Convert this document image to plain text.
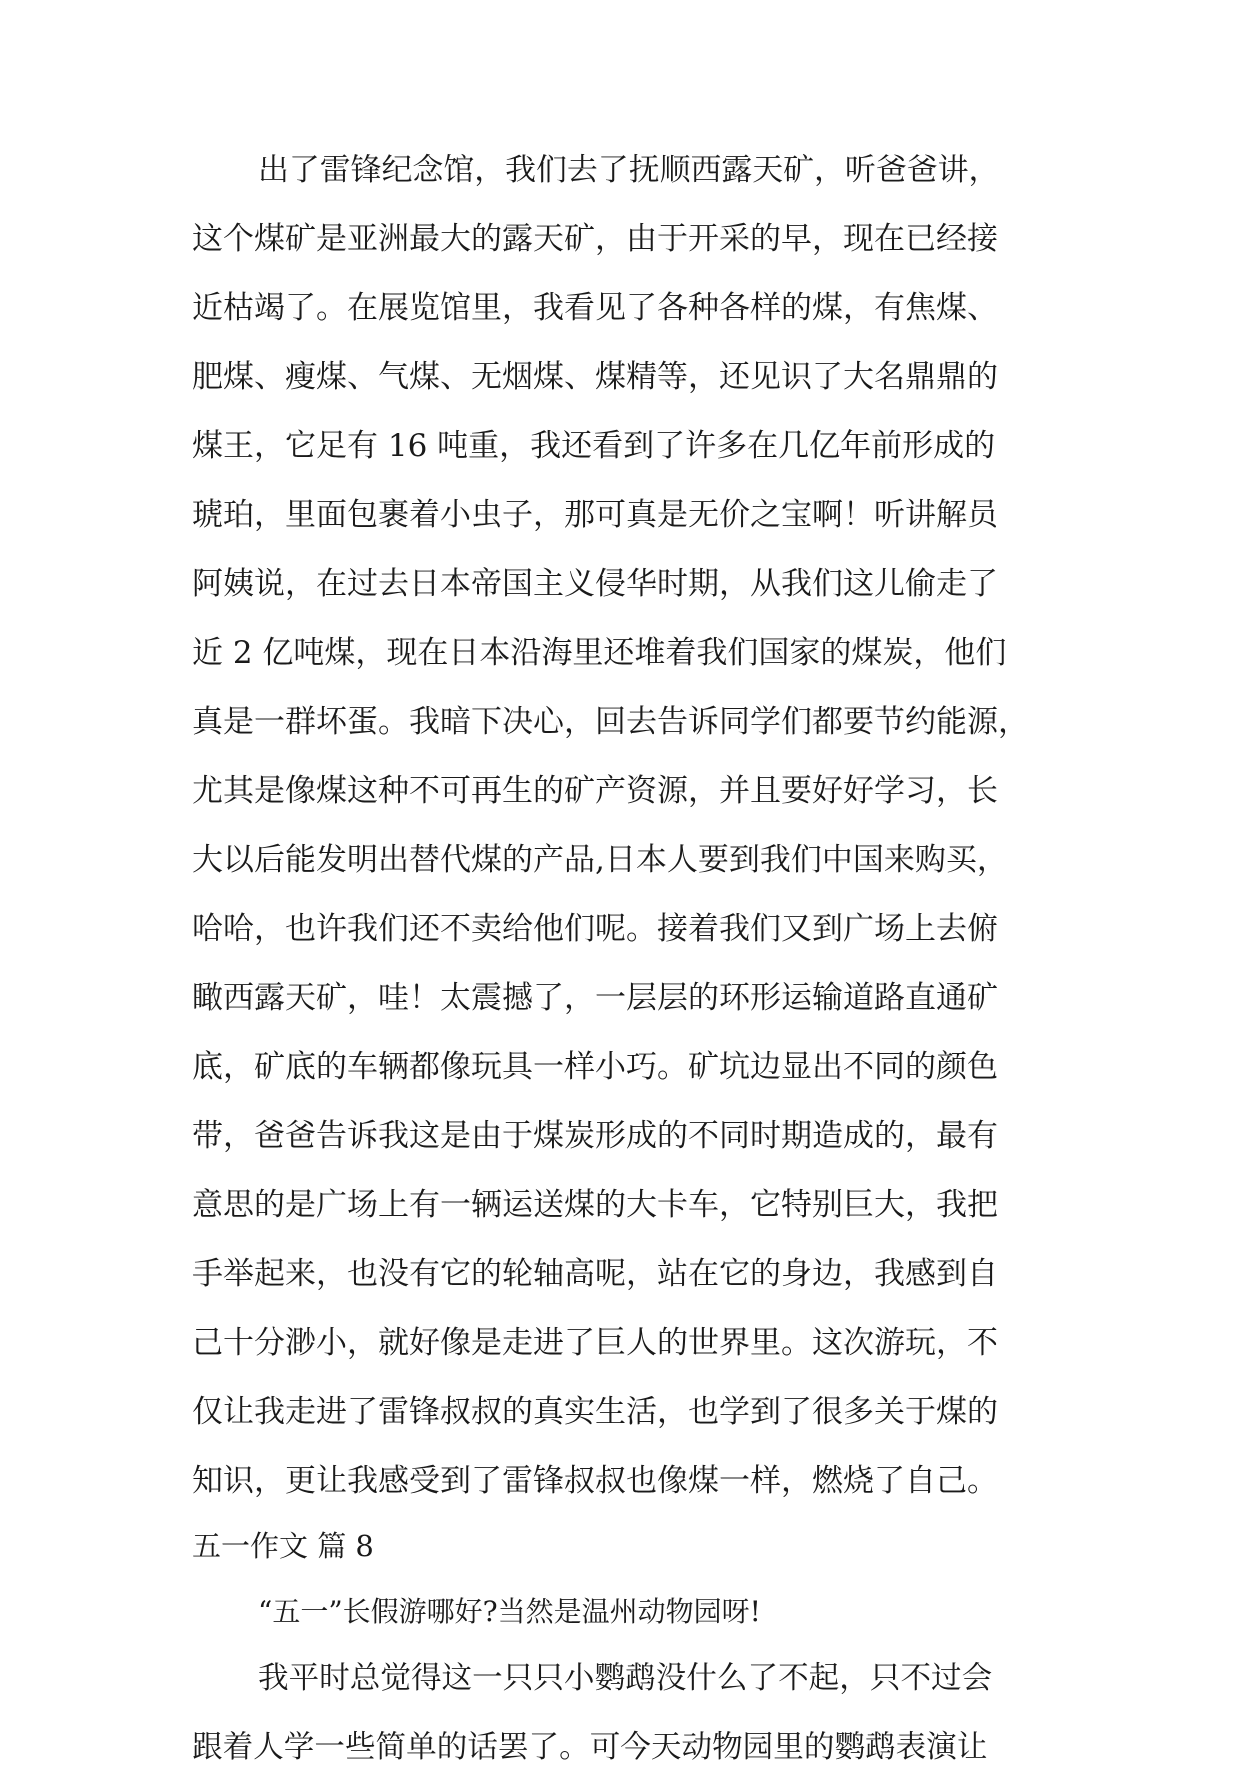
出了雷锋纪念馆，我们去了抚顺西露天矿，听爸爸讲，

这个煤矿是亚洲最大的露天矿，由于开采的早，现在已经接

近枯竭了。在展览馆里，我看见了各种各样的煤，有焦煤、

肥煤、瘦煤、气煤、无烟煤、煤精等，还见识了大名鼎鼎的

煤王，它足有 16 吨重，我还看到了许多在几亿年前形成的

琥珀，里面包裹着小虫子，那可真是无价之宝啊！听讲解员

阿姨说，在过去日本帝国主义侵华时期，从我们这儿偷走了

近 2 亿吨煤，现在日本沿海里还堆着我们国家的煤炭，他们

真是一群坏蛋。我暗下决心，回去告诉同学们都要节约能源，

尤其是像煤这种不可再生的矿产资源，并且要好好学习，长

大以后能发明出替代煤的产品,日本人要到我们中国来购买，

哈哈，也许我们还不卖给他们呢。接着我们又到广场上去俯

瞰西露天矿，哇！太震撼了，一层层的环形运输道路直通矿

底，矿底的车辆都像玩具一样小巧。矿坑边显出不同的颜色

带，爸爸告诉我这是由于煤炭形成的不同时期造成的，最有

意思的是广场上有一辆运送煤的大卡车，它特别巨大，我把

手举起来，也没有它的轮轴高呢，站在它的身边，我感到自

己十分渺小，就好像是走进了巨人的世界里。这次游玩，不

仅让我走进了雷锋叔叔的真实生活，也学到了很多关于煤的

知识，更让我感受到了雷锋叔叔也像煤一样，燃烧了自己。

五一作文 篇 8

“五一”长假游哪好?当然是温州动物园呀!

我平时总觉得这一只只小鹦鹉没什么了不起，只不过会

跟着人学一些简单的话罢了。可今天动物园里的鹦鹉表演让
